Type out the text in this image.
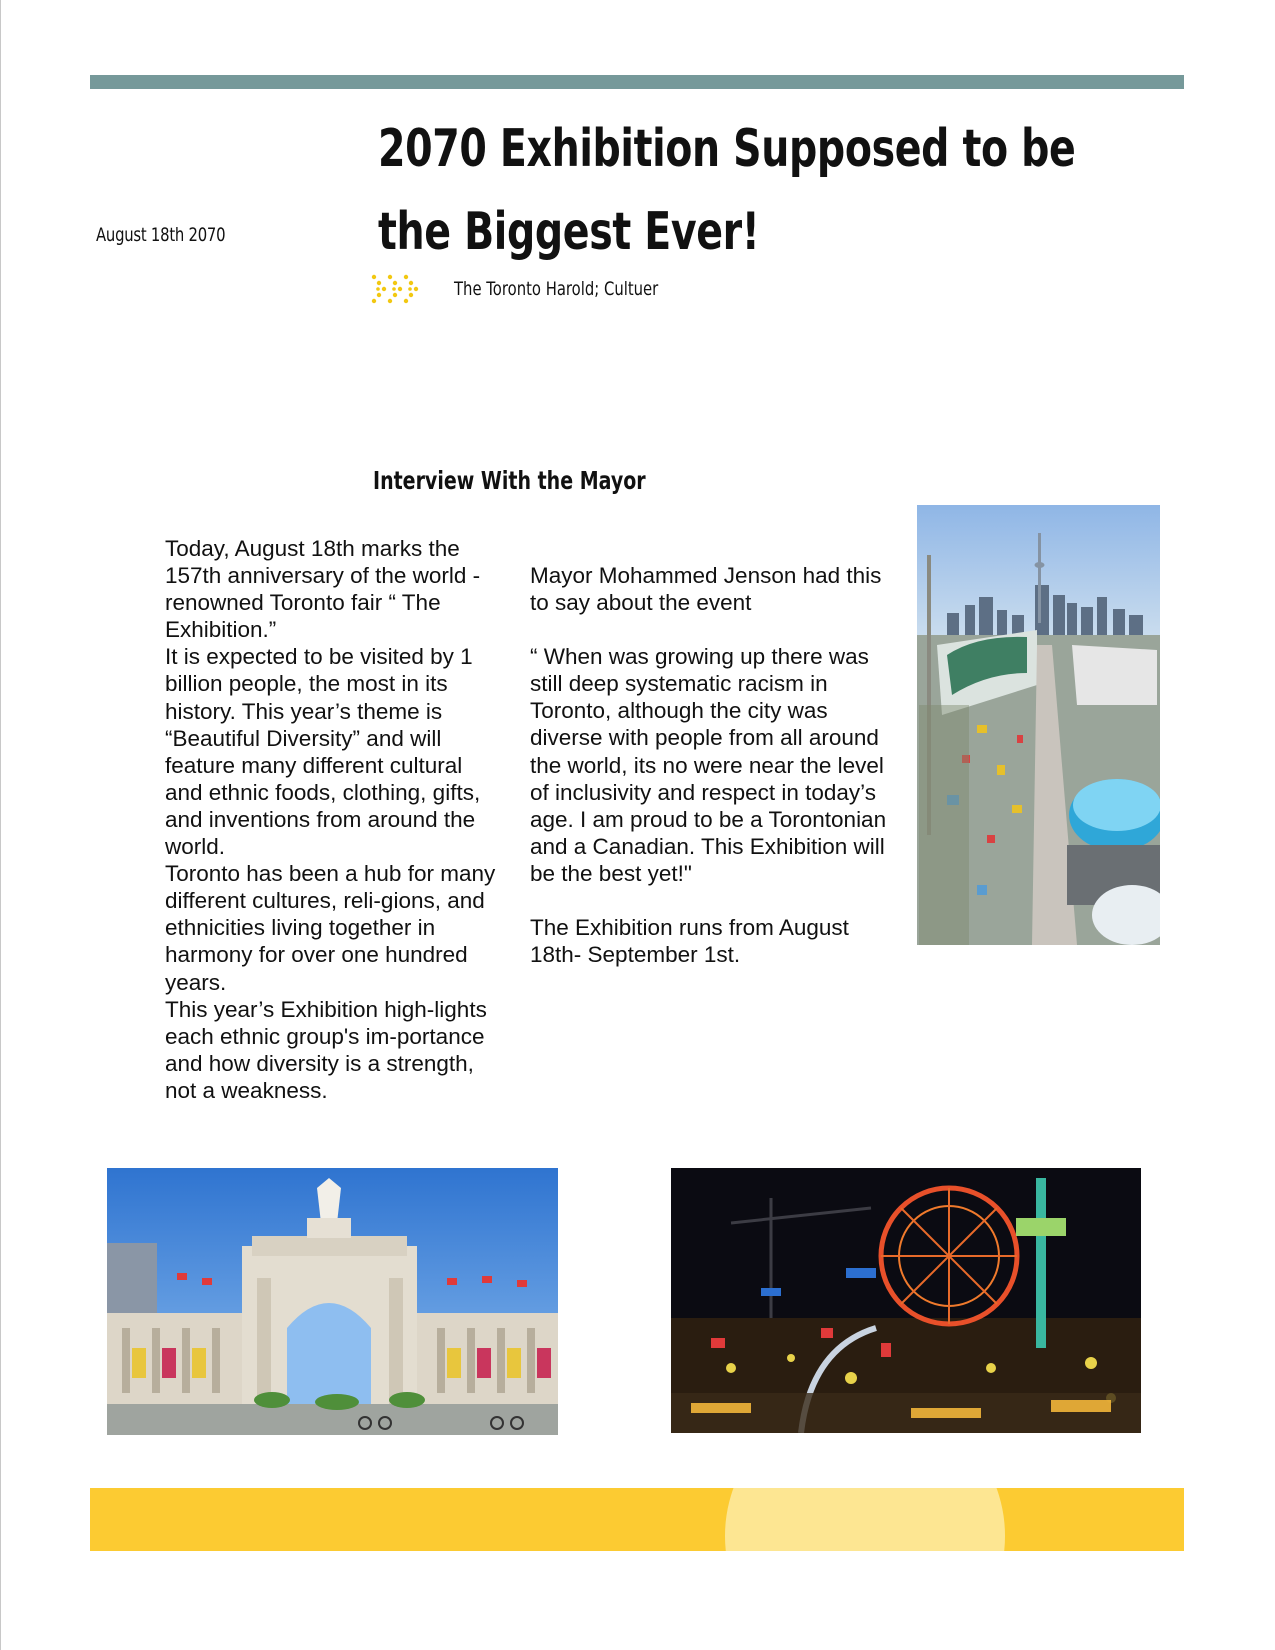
August 18th 2070
2070 Exhibition Supposed to be the Biggest Ever!
The Toronto Harold; Cultuer
Interview With the Mayor

Today, August 18th marks the 157th anniversary of the world -renowned Toronto fair “ The Exhibition.”

It is expected to be visited by 1 billion people, the most in its history. This year’s theme is “Beautiful Diversity” and will feature many different cultural and ethnic foods, clothing, gifts, and inventions from around the world.

Toronto has been a hub for many different cultures, reli-gions, and ethnicities living together in harmony for over one hundred years.

This year’s Exhibition high-lights each ethnic group's im-portance and how diversity is a strength, not a weakness.

Mayor Mohammed Jenson had this to say about the event

“ When was growing up there was still deep systematic racism in Toronto, although the city was diverse with people from all around the world, its no were near the level of inclusivity and respect in today’s age. I am proud to be a Torontonian and a Canadian. This Exhibition will be the best yet!"

The Exhibition runs from August 18th- September 1st.
